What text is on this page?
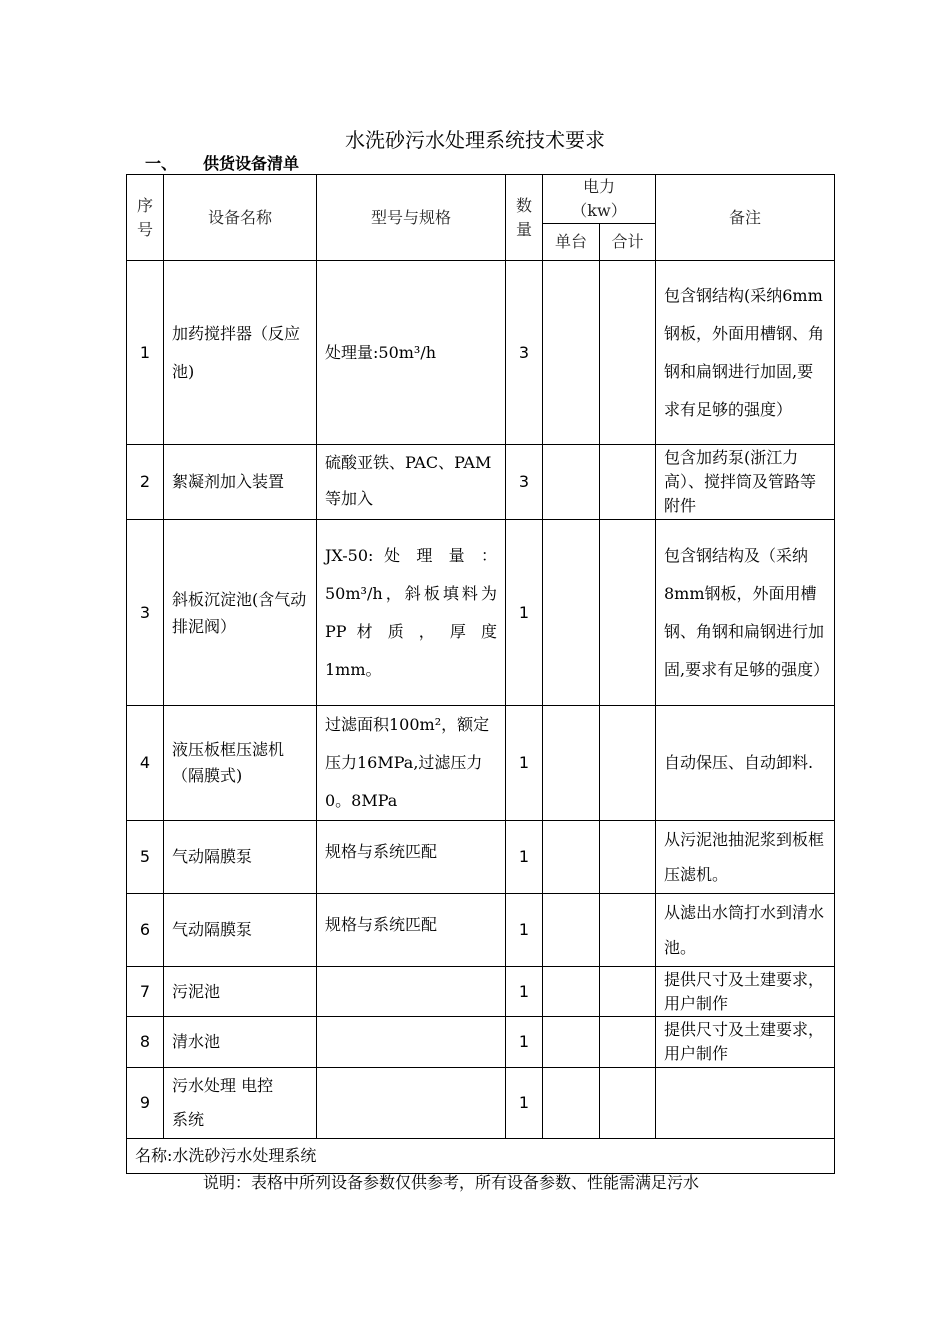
水洗砂污水处理系统技术要求
一、 供货设备清单
序号	设备名称	型号与规格	数量	电力（kw）		备注
				单台	合计	
1	加药搅拌器（反应池)	处理量:50m³/h	3			包含钢结构(采纳6mm钢板，外面用槽钢、角钢和扁钢进行加固,要求有足够的强度）
2	絮凝剂加入装置	硫酸亚铁、PAC、PAM等加入	3			包含加药泵(浙江力高）、搅拌筒及管路等附件
3	斜板沉淀池(含气动排泥阀）	JX-50: 处 理 量 ：50m³/h，斜板填料为PP 材 质 ， 厚 度 1mm。	1			包含钢结构及（采纳8mm钢板，外面用槽钢、角钢和扁钢进行加固,要求有足够的强度）
4	液压板框压滤机（隔膜式)	过滤面积100m²，额定压力16MPa,过滤压力0。8MPa	1			自动保压、自动卸料.
5	气动隔膜泵	规格与系统匹配	1			从污泥池抽泥浆到板框压滤机。
6	气动隔膜泵	规格与系统匹配	1			从滤出水筒打水到清水池。
7	污泥池		1			提供尺寸及土建要求，用户制作
8	清水池		1			提供尺寸及土建要求，用户制作
9	污水处理 电控系统		1			
名称:水洗砂污水处理系统						
说明：表格中所列设备参数仅供参考，所有设备参数、性能需满足污水
